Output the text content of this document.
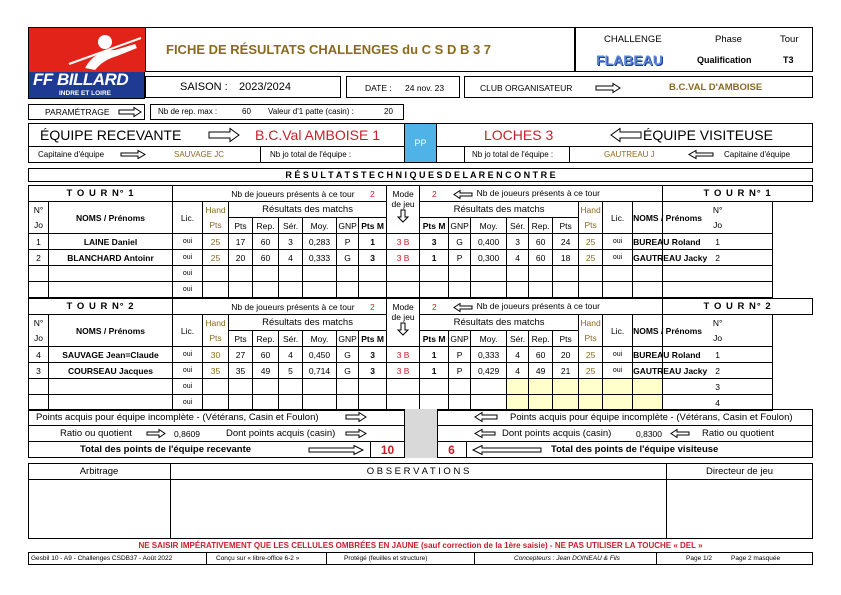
FF BILLARD
INDRE ET LOIRE
FICHE DE RÉSULTATS CHALLENGES du C S D B 3 7
CHALLENGE	Phase	Tour
FLABEAU	Qualification	T3
SAISON : 2023/2024	DATE : 24 nov. 23	CLUB ORGANISATEUR	B.C.VAL D'AMBOISE
PARAMÉTRAGE	Nb de rep. max :	60 Valeur d'1 patte (casin) :	20
PP
ÉQUIPE RECEVANTE	B.C.Val AMBOISE 1	LOCHES 3	ÉQUIPE VISITEUSE
Capitaine d'équipe	SAUVAGE JC	Nb jo total de l'équipe :	Nb jo total de l'équipe :	GAUTREAU J	Capitaine d'équipe
R É S U L T A T S T E C H N I Q U E S D E L A R E N C O N T R E
T O U R N° 1		Nb de joueurs présents à ce tour							2	Mode
de jeu	2	Nb de joueurs présents à ce tour								T O U R N° 1
N°	NOMS / Prénoms	Lic.	Hand	Résultats des matchs							Résultats des matchs						Hand	Lic.	NOMS / Prénoms	N°
Jo			Pts	Pts	Rep.	Sér.	Moy.	GNP	Pts M		Pts M	GNP	Moy.	Sér.	Rep.	Pts	Pts			Jo
1	LAINE Daniel	oui	25	17	60	3	0,283	P	1	3 B	3	G	0,400	3	60	24	25	oui	BUREAU Roland	1
2	BLANCHARD Antoinr	oui	25	20	60	4	0,333	G	3	3 B	1	P	0,300	4	60	18	25	oui	GAUTREAU Jacky	2
		oui																		
		oui																		
T O U R N° 2		Nb de joueurs présents à ce tour							2	Mode
de jeu	2	Nb de joueurs présents à ce tour								T O U R N° 2
N°	NOMS / Prénoms	Lic.	Hand	Résultats des matchs							Résultats des matchs						Hand	Lic.	NOMS / Prénoms	N°
Jo			Pts	Pts	Rep.	Sér.	Moy.	GNP	Pts M		Pts M	GNP	Moy.	Sér.	Rep.	Pts	Pts			Jo
4	SAUVAGE Jean=Claude	oui	30	27	60	4	0,450	G	3	3 B	1	P	0,333	4	60	20	25	oui	BUREAU Roland	1
3	COURSEAU Jacques	oui	35	35	49	5	0,714	G	3	3 B	1	P	0,429	4	49	21	25	oui	GAUTREAU Jacky	2
		oui																		3
		oui																		4
Points acquis pour équipe incomplète - (Vétérans, Casin et Foulon)	Points acquis pour équipe incomplète - (Vétérans, Casin et Foulon)
Ratio ou quotient	0,8609	Dont points acquis (casin)	Dont points acquis (casin)	0,8300	Ratio ou quotient
Total des points de l'équipe recevante	10	6	Total des points de l'équipe visiteuse
Arbitrage	O B S E R V A T I O N S	Directeur de jeu
NE SAISIR IMPÉRATIVEMENT QUE LES CELLULES OMBRÉES EN JAUNE (sauf correction de la 1ère saisie) - NE PAS UTILISER LA TOUCHE « DEL »
Gesbil 10 - A9 - Challenges CSDB37 - Août 2022	Conçu sur « libre-office 6-2 »	Protégé (feuilles et structure)	Concepteurs : Jean DOINEAU & Fils	Page 1/2	Page 2 masquée
